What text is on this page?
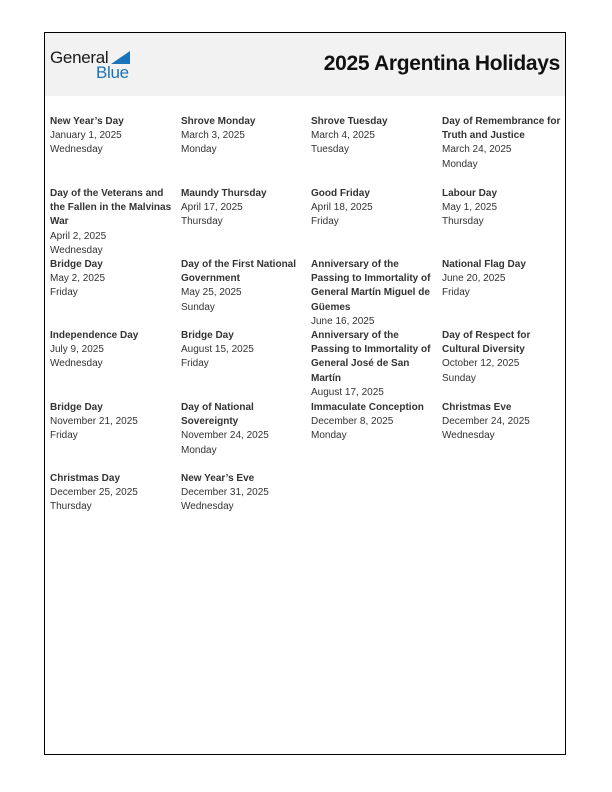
General
Blue	2025 Argentina Holidays
New Year’s Day
January 1, 2025
Wednesday
Shrove Monday
March 3, 2025
Monday
Shrove Tuesday
March 4, 2025
Tuesday
Day of Remembrance for Truth and Justice
March 24, 2025
Monday
Day of the Veterans and the Fallen in the Malvinas War
April 2, 2025
Wednesday
Maundy Thursday
April 17, 2025
Thursday
Good Friday
April 18, 2025
Friday
Labour Day
May 1, 2025
Thursday
Bridge Day
May 2, 2025
Friday
Day of the First National Government
May 25, 2025
Sunday
Anniversary of the Passing to Immortality of General Martín Miguel de Güemes
June 16, 2025
National Flag Day
June 20, 2025
Friday
Independence Day
July 9, 2025
Wednesday
Bridge Day
August 15, 2025
Friday
Anniversary of the Passing to Immortality of General José de San Martín
August 17, 2025
Day of Respect for Cultural Diversity
October 12, 2025
Sunday
Bridge Day
November 21, 2025
Friday
Day of National Sovereignty
November 24, 2025
Monday
Immaculate Conception
December 8, 2025
Monday
Christmas Eve
December 24, 2025
Wednesday
Christmas Day
December 25, 2025
Thursday
New Year’s Eve
December 31, 2025
Wednesday
